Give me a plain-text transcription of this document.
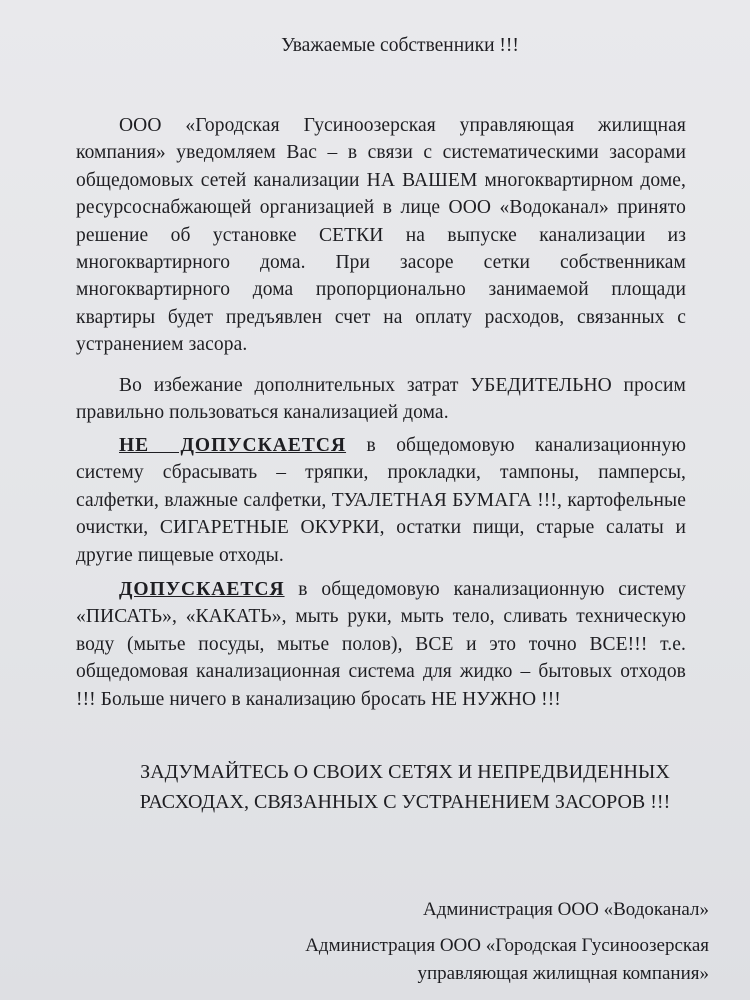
Уважаемые собственники !!!

ООО «Городская Гусиноозерская управляющая жилищная компания» уведомляем Вас – в связи с систематическими засорами общедомовых сетей канализации НА ВАШЕМ многоквартирном доме, ресурсоснабжающей организацией в лице ООО «Водоканал» принято решение об установке СЕТКИ на выпуске канализации из многоквартирного дома. При засоре сетки собственникам многоквартирного дома пропорционально занимаемой площади квартиры будет предъявлен счет на оплату расходов, связанных с устранением засора.

Во избежание дополнительных затрат УБЕДИТЕЛЬНО просим правильно пользоваться канализацией дома.

НЕ ДОПУСКАЕТСЯ в общедомовую канализационную систему сбрасывать – тряпки, прокладки, тампоны, памперсы, салфетки, влажные салфетки, ТУАЛЕТНАЯ БУМАГА !!!, картофельные очистки, СИГАРЕТНЫЕ ОКУРКИ, остатки пищи, старые салаты и другие пищевые отходы.

ДОПУСКАЕТСЯ в общедомовую канализационную систему «ПИСАТЬ», «КАКАТЬ», мыть руки, мыть тело, сливать техническую воду (мытье посуды, мытье полов), ВСЕ и это точно ВСЕ!!! т.е. общедомовая канализационная система для жидко – бытовых отходов !!! Больше ничего в канализацию бросать НЕ НУЖНО !!!

ЗАДУМАЙТЕСЬ О СВОИХ СЕТЯХ И НЕПРЕДВИДЕННЫХ
РАСХОДАХ, СВЯЗАННЫХ С УСТРАНЕНИЕМ ЗАСОРОВ !!!
Администрация ООО «Водоканал»
Администрация ООО «Городская Гусиноозерская
управляющая жилищная компания»
